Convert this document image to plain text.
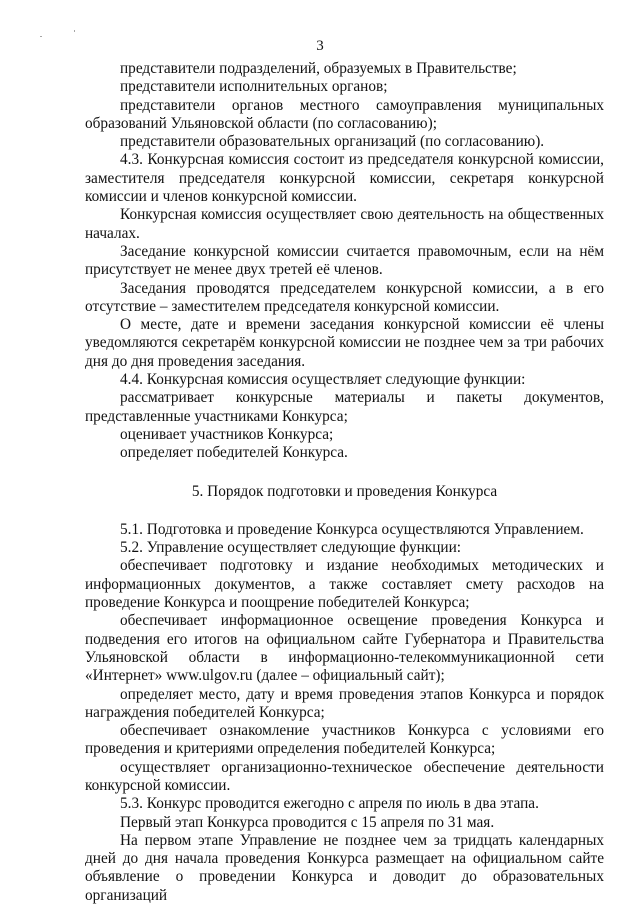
3

представители подразделений, образуемых в Правительстве;

представители исполнительных органов;

представители органов местного самоуправления муниципальных образований Ульяновской области (по согласованию);

представители образовательных организаций (по согласованию).

4.3. Конкурсная комиссия состоит из председателя конкурсной комиссии, заместителя председателя конкурсной комиссии, секретаря конкурсной комиссии и членов конкурсной комиссии.

Конкурсная комиссия осуществляет свою деятельность на общественных началах.

Заседание конкурсной комиссии считается правомочным, если на нём присутствует не менее двух третей её членов.

Заседания проводятся председателем конкурсной комиссии, а в его отсутствие – заместителем председателя конкурсной комиссии.

О месте, дате и времени заседания конкурсной комиссии её члены уведомляются секретарём конкурсной комиссии не позднее чем за три рабочих дня до дня проведения заседания.

4.4. Конкурсная комиссия осуществляет следующие функции:

рассматривает конкурсные материалы и пакеты документов, представленные участниками Конкурса;

оценивает участников Конкурса;

определяет победителей Конкурса.

5. Порядок подготовки и проведения Конкурса

5.1. Подготовка и проведение Конкурса осуществляются Управлением.

5.2. Управление осуществляет следующие функции:

обеспечивает подготовку и издание необходимых методических и информационных документов, а также составляет смету расходов на проведение Конкурса и поощрение победителей Конкурса;

обеспечивает информационное освещение проведения Конкурса и подведения его итогов на официальном сайте Губернатора и Правительства Ульяновской области в информационно-телекоммуникационной сети «Интернет» www.ulgov.ru (далее – официальный сайт);

определяет место, дату и время проведения этапов Конкурса и порядок награждения победителей Конкурса;

обеспечивает ознакомление участников Конкурса с условиями его проведения и критериями определения победителей Конкурса;

осуществляет организационно-техническое обеспечение деятельности конкурсной комиссии.

5.3. Конкурс проводится ежегодно с апреля по июль в два этапа.

Первый этап Конкурса проводится с 15 апреля по 31 мая.

На первом этапе Управление не позднее чем за тридцать календарных дней до дня начала проведения Конкурса размещает на официальном сайте объявление о проведении Конкурса и доводит до образовательных организаций
